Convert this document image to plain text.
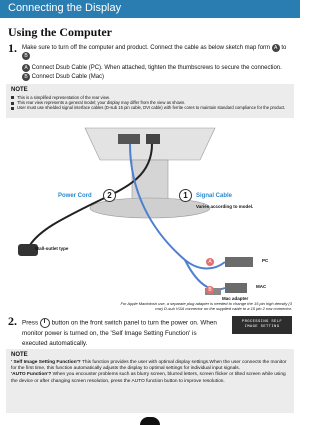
Connecting the Display
Using the Computer
1. Make sure to turn off the computer and product. Connect the cable as below sketch map form A to B
A Connect Dsub Cable (PC). When attached, tighten the thumbscrews to secure the connection.
B Connect Dsub Cable (Mac)
NOTE
This is a simplified representation of the rear view.
This rear view represents a general model; your display may differ from the view as shown.
User must use shielded signal interface cables (D-sub 15 pin cable, DVI cable) with ferrite cores to maintain standard compliance for the product.
Power Cord	2	1	Signal Cable
Varies according to model.
Wall-outlet type
A
B
PC
MAC
Mac adapter
For Apple Macintosh use, a separate plug adapter is needed to change the 15 pin high density (3 row) D-sub VGA connector on the supplied cable to a 15 pin 2 row connector.
2. Press button on the front switch panel to turn the power on. When monitor power is turned on, the 'Self Image Setting Function' is executed automatically.
PROCESSING SELF
IMAGE SETTING
NOTE
' Self Image Setting Function'? This function provides the user with optimal display settings.When the user connects the monitor for the first time, this function automatically adjusts the display to optimal settings for individual input signals.
'AUTO Function'? When you encounter problems such as blurry screen, blurred letters, screen flicker or tilted screen while using the device or after changing screen resolution, press the AUTO function button to improve resolution.
